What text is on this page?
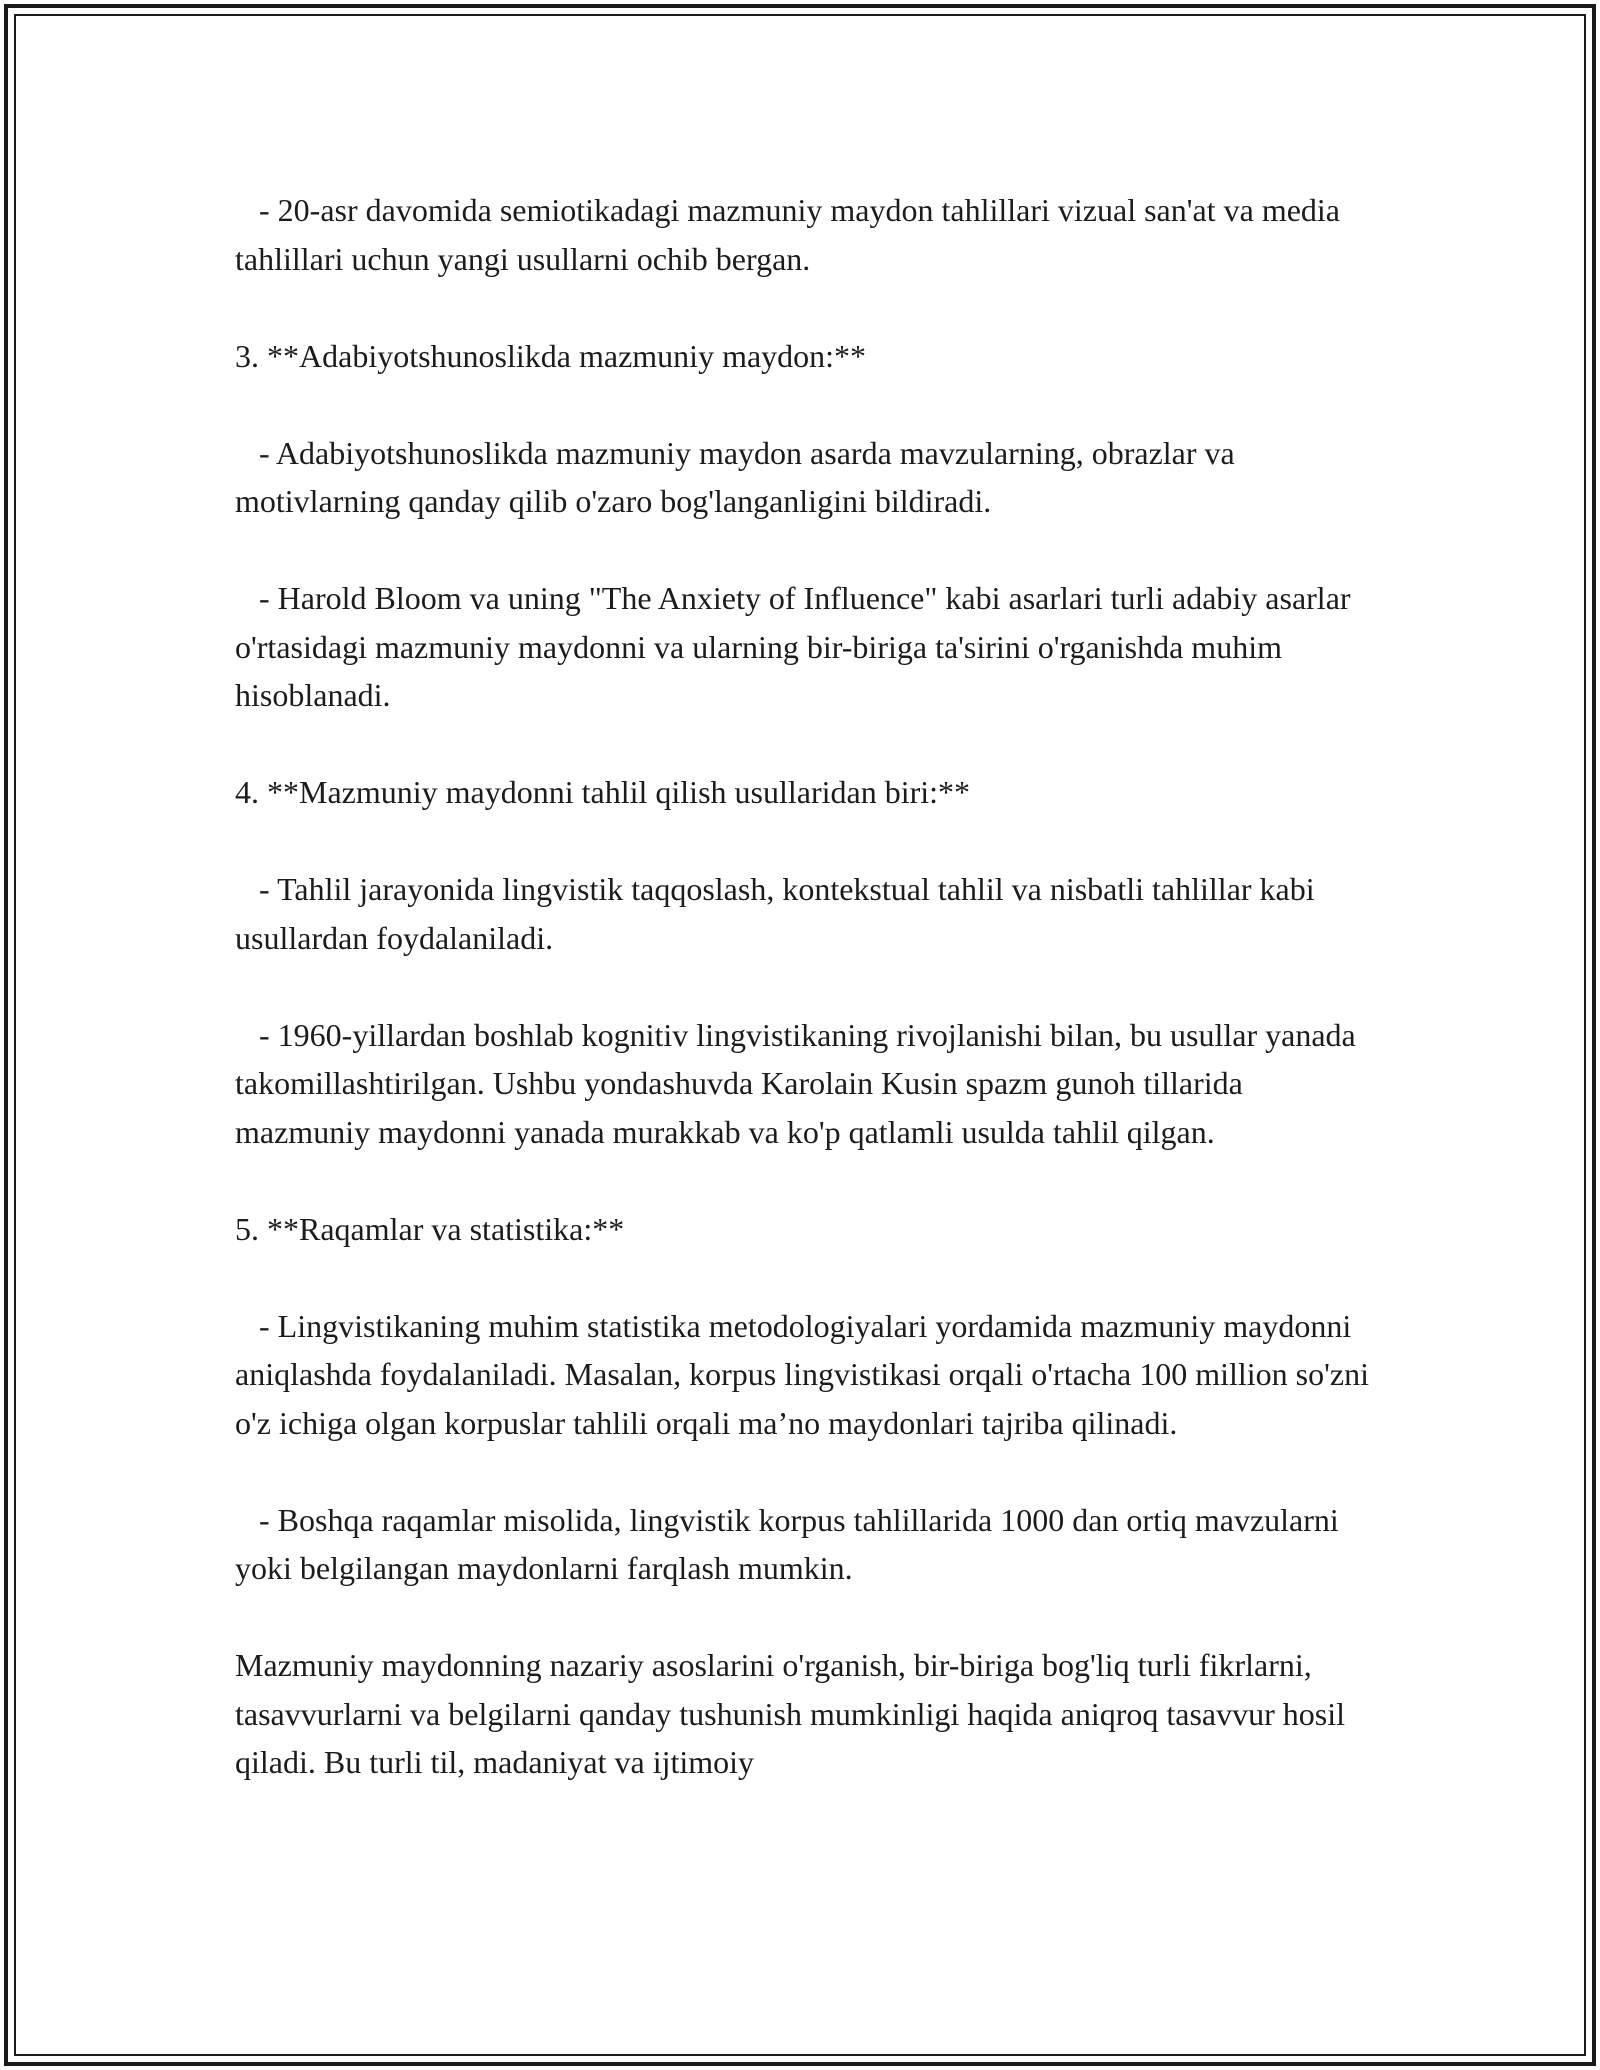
- 20-asr davomida semiotikadagi mazmuniy maydon tahlillari vizual san'at va media tahlillari uchun yangi usullarni ochib bergan.

3. **Adabiyotshunoslikda mazmuniy maydon:**

- Adabiyotshunoslikda mazmuniy maydon asarda mavzularning, obrazlar va motivlarning qanday qilib o'zaro bog'langanligini bildiradi.

- Harold Bloom va uning "The Anxiety of Influence" kabi asarlari turli adabiy asarlar o'rtasidagi mazmuniy maydonni va ularning bir-biriga ta'sirini o'rganishda muhim hisoblanadi.

4. **Mazmuniy maydonni tahlil qilish usullaridan biri:**

- Tahlil jarayonida lingvistik taqqoslash, kontekstual tahlil va nisbatli tahlillar kabi usullardan foydalaniladi.

- 1960-yillardan boshlab kognitiv lingvistikaning rivojlanishi bilan, bu usullar yanada takomillashtirilgan. Ushbu yondashuvda Karolain Kusin spazm gunoh tillarida mazmuniy maydonni yanada murakkab va ko'p qatlamli usulda tahlil qilgan.

5. **Raqamlar va statistika:**

- Lingvistikaning muhim statistika metodologiyalari yordamida mazmuniy maydonni aniqlashda foydalaniladi. Masalan, korpus lingvistikasi orqali o'rtacha 100 million so'zni o'z ichiga olgan korpuslar tahlili orqali ma’no maydonlari tajriba qilinadi.

- Boshqa raqamlar misolida, lingvistik korpus tahlillarida 1000 dan ortiq mavzularni yoki belgilangan maydonlarni farqlash mumkin.

Mazmuniy maydonning nazariy asoslarini o'rganish, bir-biriga bog'liq turli fikrlarni, tasavvurlarni va belgilarni qanday tushunish mumkinligi haqida aniqroq tasavvur hosil qiladi. Bu turli til, madaniyat va ijtimoiy
